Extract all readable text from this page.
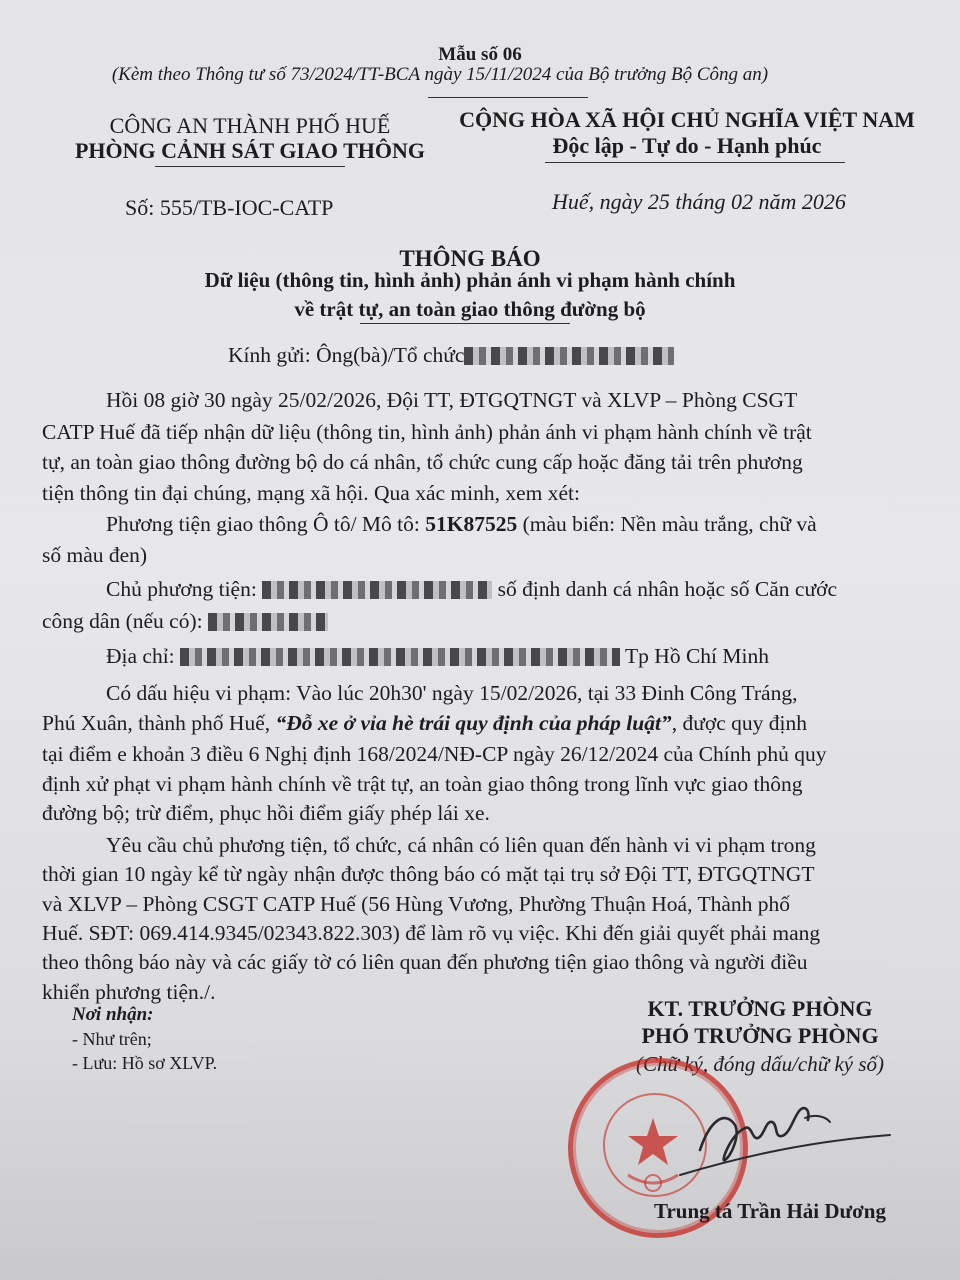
Mẫu số 06
(Kèm theo Thông tư số 73/2024/TT-BCA ngày 15/11/2024 của Bộ trưởng Bộ Công an)
CÔNG AN THÀNH PHỐ HUẾ
PHÒNG CẢNH SÁT GIAO THÔNG
CỘNG HÒA XÃ HỘI CHỦ NGHĨA VIỆT NAM
Độc lập - Tự do - Hạnh phúc
Số: 555/TB-IOC-CATP	Huế, ngày 25 tháng 02 năm 2026
THÔNG BÁO
Dữ liệu (thông tin, hình ảnh) phản ánh vi phạm hành chính
về trật tự, an toàn giao thông đường bộ
Kính gửi: Ông(bà)/Tổ chức
Hồi 08 giờ 30 ngày 25/02/2026, Đội TT, ĐTGQTNGT và XLVP – Phòng CSGT
CATP Huế đã tiếp nhận dữ liệu (thông tin, hình ảnh) phản ánh vi phạm hành chính về trật
tự, an toàn giao thông đường bộ do cá nhân, tổ chức cung cấp hoặc đăng tải trên phương
tiện thông tin đại chúng, mạng xã hội. Qua xác minh, xem xét:
Phương tiện giao thông Ô tô/ Mô tô: 51K87525 (màu biển: Nền màu trắng, chữ và
số màu đen)
Chủ phương tiện:	số định danh cá nhân hoặc số Căn cước
công dân (nếu có):
Địa chỉ:	Tp Hồ Chí Minh
Có dấu hiệu vi phạm: Vào lúc 20h30' ngày 15/02/2026, tại 33 Đinh Công Tráng,
Phú Xuân, thành phố Huế, “Đỗ xe ở vỉa hè trái quy định của pháp luật”, được quy định
tại điểm e khoản 3 điều 6 Nghị định 168/2024/NĐ-CP ngày 26/12/2024 của Chính phủ quy
định xử phạt vi phạm hành chính về trật tự, an toàn giao thông trong lĩnh vực giao thông
đường bộ; trừ điểm, phục hồi điểm giấy phép lái xe.
Yêu cầu chủ phương tiện, tổ chức, cá nhân có liên quan đến hành vi vi phạm trong
thời gian 10 ngày kể từ ngày nhận được thông báo có mặt tại trụ sở Đội TT, ĐTGQTNGT
và XLVP – Phòng CSGT CATP Huế (56 Hùng Vương, Phường Thuận Hoá, Thành phố
Huế. SĐT: 069.414.9345/02343.822.303) để làm rõ vụ việc. Khi đến giải quyết phải mang
theo thông báo này và các giấy tờ có liên quan đến phương tiện giao thông và người điều
khiển phương tiện./.
Nơi nhận:
- Như trên;
- Lưu: Hồ sơ XLVP.
KT. TRƯỞNG PHÒNG
PHÓ TRƯỞNG PHÒNG
(Chữ ký, đóng dấu/chữ ký số)
Trung tá Trần Hải Dương
